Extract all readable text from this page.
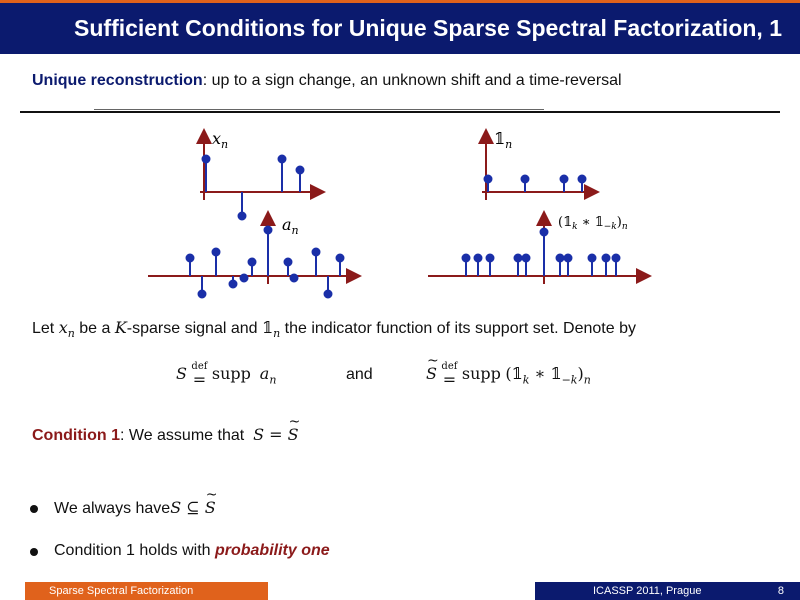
Sufficient Conditions for Unique Sparse Spectral Factorization, 1
Unique reconstruction: up to a sign change, an unknown shift and a time-reversal
$x_n$	$𝟙_n$
$a_n$
($𝟙_k$ ∗ $𝟙_{-k})_n$
Let $x_n$ be a K-sparse signal and $𝟙_n$ the indicator function of its support set. Denote by
S def
= supp $a_n$	and
~
S def
= supp ($𝟙_k$ ∗ $𝟙_{-k})_n$
Condition 1: We assume that S =
~
S
We always haveS ⊆
~
S
Condition 1 holds with probability one
Sparse Spectral Factorization	ICASSP 2011, Prague	8
